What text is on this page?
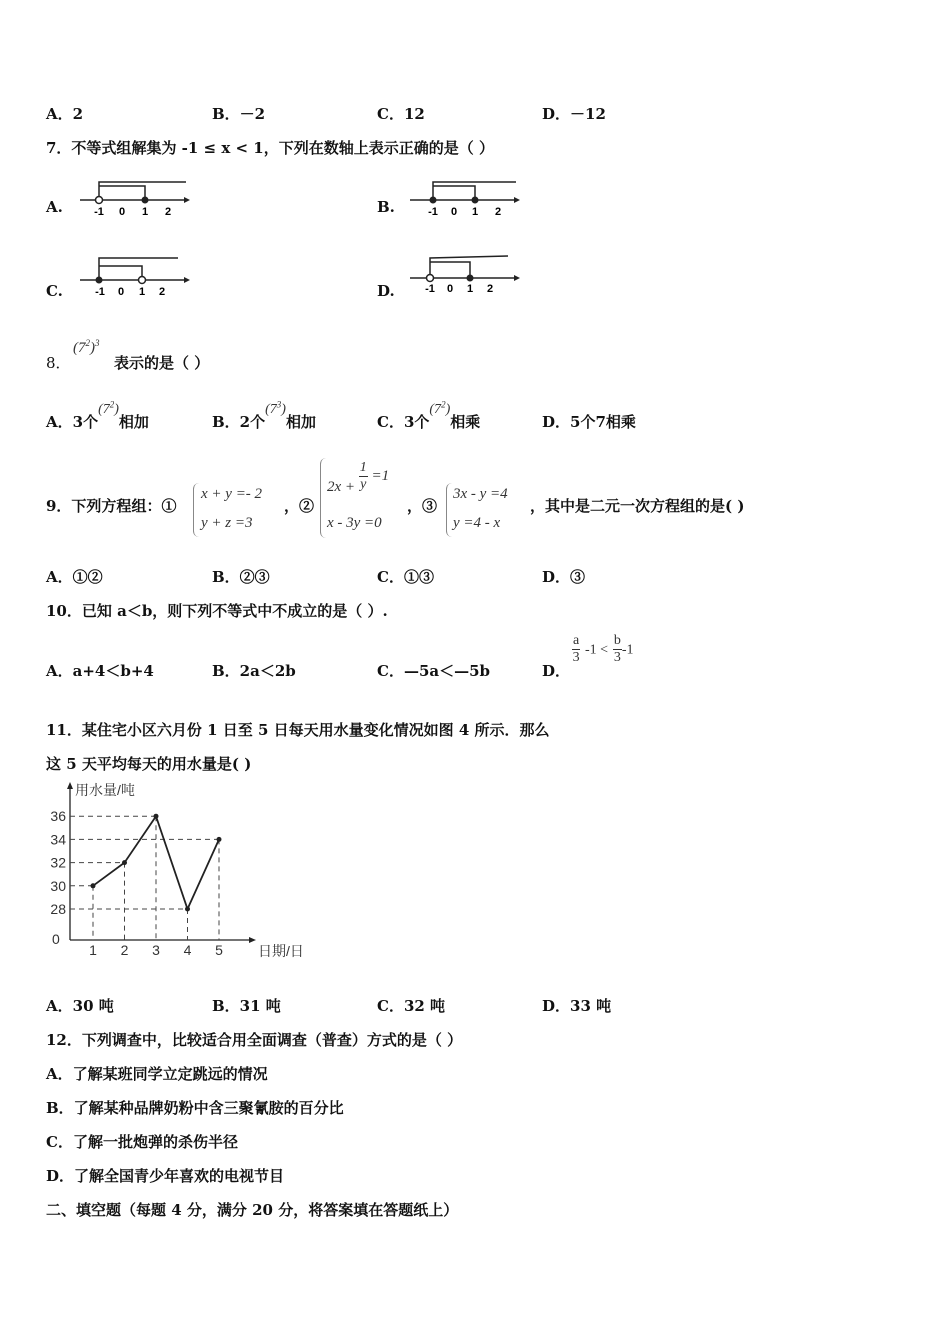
A．2	B．－2	C．12	D．－12
7．不等式组解集为 -1 ≤ x < 1，下列在数轴上表示正确的是（ ）
A.	-1 0 1 2	B.	-1 0 1 2
C.	-1 0 1 2	D.	-1 0 1 2
8．
$(7^2)^3$
表示的是（ ）
A．3个$(7^2)$相加	B．2个$(7^3)$相加	C．3个$(7^2)$相乘	D．5个7相乘
9．下列方程组：①
x + y =- 2
y + z =3
，②
$2x + \frac{1}{y} =1$
x - 3y =0
，③
3x - y =4
y =4 - x
，其中是二元一次方程组的是( )
A．①②	B．②③	C．①③	D．③
10．已知 a＜b，则下列不等式中不成立的是（ ）.
A．a+4＜b+4	B．2a＜2b	C．—5a＜—5b	D．
$\frac{a}{3} -1 < \frac{b}{3} -1$
11．某住宅小区六月份 1 日至 5 日每天用水量变化情况如图 4 所示．那么
这 5 天平均每天的用水量是( )
用水量/吨
日期/日
0
36
34
32
30
28
1 2 3 4 5
A．30 吨	B．31 吨	C．32 吨	D．33 吨
12．下列调查中，比较适合用全面调查（普查）方式的是（ ）
A．了解某班同学立定跳远的情况
B．了解某种品牌奶粉中含三聚氰胺的百分比
C．了解一批炮弹的杀伤半径
D．了解全国青少年喜欢的电视节目
二、填空题（每题 4 分，满分 20 分，将答案填在答题纸上）
